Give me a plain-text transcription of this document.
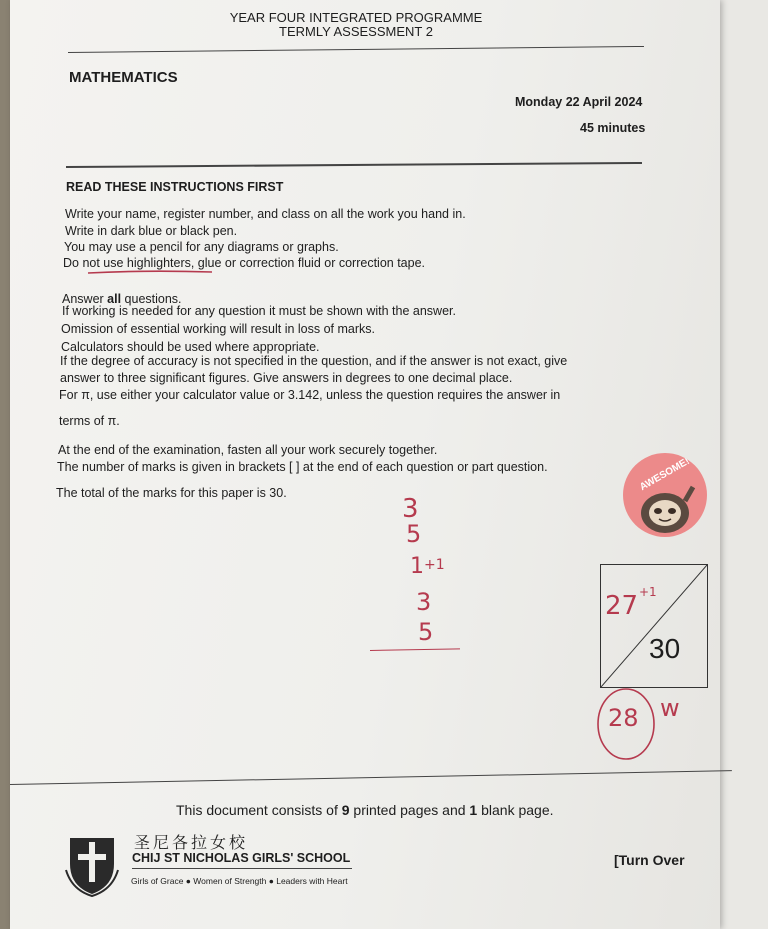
YEAR FOUR INTEGRATED PROGRAMME
TERMLY ASSESSMENT 2
MATHEMATICS
Monday 22 April 2024
45 minutes
READ THESE INSTRUCTIONS FIRST
Write your name, register number, and class on all the work you hand in.
Write in dark blue or black pen.
You may use a pencil for any diagrams or graphs.
Do not use highlighters, glue or correction fluid or correction tape.
Answer all questions.
If working is needed for any question it must be shown with the answer.
Omission of essential working will result in loss of marks.
Calculators should be used where appropriate.
If the degree of accuracy is not specified in the question, and if the answer is not exact, give
answer to three significant figures. Give answers in degrees to one decimal place.
For π, use either your calculator value or 3.142, unless the question requires the answer in
terms of π.
At the end of the examination, fasten all your work securely together.
The number of marks is given in brackets [ ] at the end of each question or part question.
The total of the marks for this paper is 30.	AWESOME!
3
5
1 +1
3
5
27 +1
30
28 w
This document consists of 9 printed pages and 1 blank page.
圣尼各拉女校
CHIJ ST NICHOLAS GIRLS' SCHOOL
Girls of Grace ● Women of Strength ● Leaders with Heart
[Turn Over
